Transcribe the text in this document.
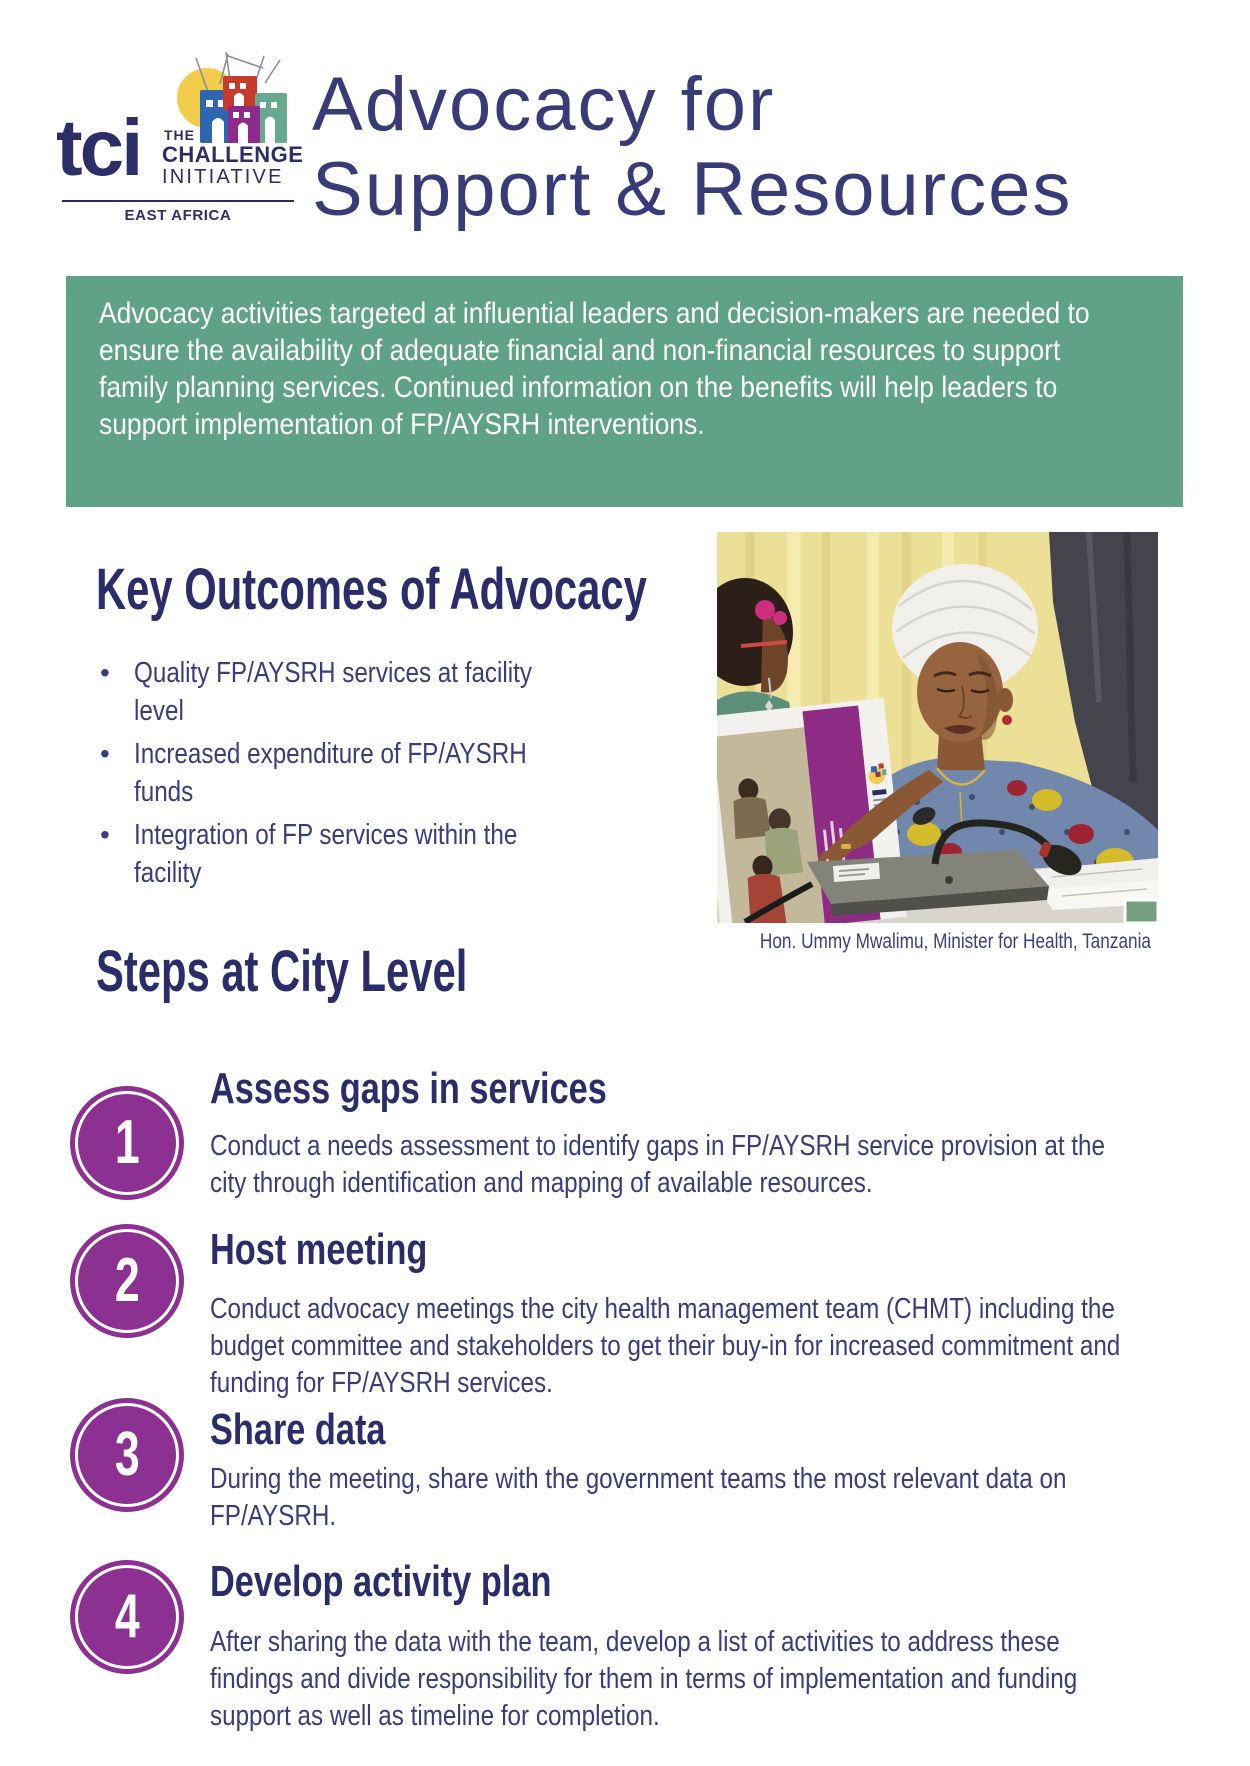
tci THE
CHALLENGE
INITIATIVE
EAST AFRICA
Advocacy for
Support & Resources
Advocacy activities targeted at influential leaders and decision-makers are needed to ensure the availability of adequate financial and non-financial resources to support family planning services. Continued information on the benefits will help leaders to support implementation of FP/AYSRH interventions.
Key Outcomes of Advocacy
• Quality FP/AYSRH services at facility level
• Increased expenditure of FP/AYSRH funds
• Integration of FP services within the facility
Hon. Ummy Mwalimu, Minister for Health, Tanzania
Steps at City Level
1
Assess gaps in services
Conduct a needs assessment to identify gaps in FP/AYSRH service provision at the city through identification and mapping of available resources.
2 Host meeting
Conduct advocacy meetings the city health management team (CHMT) including the budget committee and stakeholders to get their buy-in for increased commitment and funding for FP/AYSRH services.
3 Share data
During the meeting, share with the government teams the most relevant data on FP/AYSRH.
4
Develop activity plan
After sharing the data with the team, develop a list of activities to address these findings and divide responsibility for them in terms of implementation and funding support as well as timeline for completion.
